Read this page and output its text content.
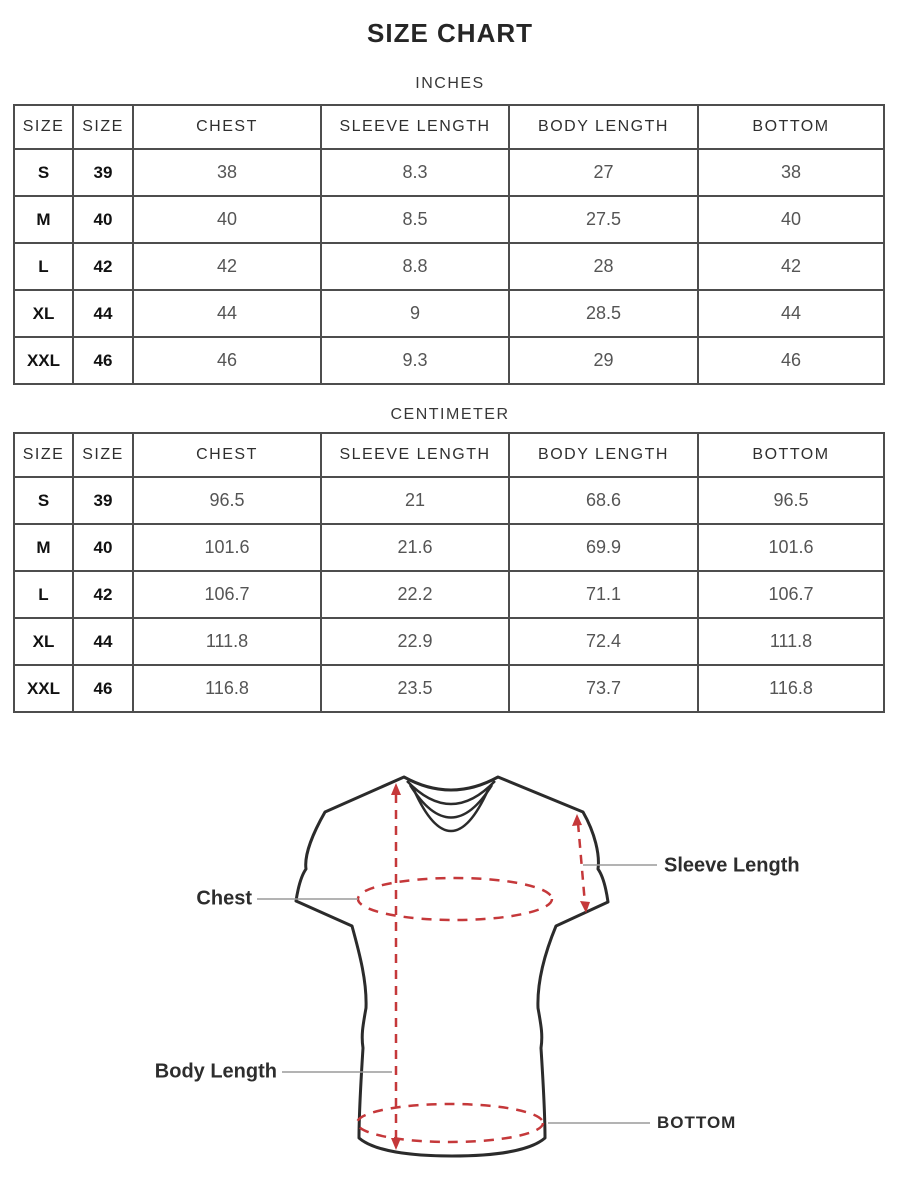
SIZE CHART
INCHES
SIZE	SIZE	CHEST	SLEEVE LENGTH	BODY LENGTH	BOTTOM
S	39	38	8.3	27	38
M	40	40	8.5	27.5	40
L	42	42	8.8	28	42
XL	44	44	9	28.5	44
XXL	46	46	9.3	29	46
CENTIMETER
SIZE	SIZE	CHEST	SLEEVE LENGTH	BODY LENGTH	BOTTOM
S	39	96.5	21	68.6	96.5
M	40	101.6	21.6	69.9	101.6
L	42	106.7	22.2	71.1	106.7
XL	44	111.8	22.9	72.4	111.8
XXL	46	116.8	23.5	73.7	116.8
Chest
Sleeve Length
Body Length
BOTTOM
